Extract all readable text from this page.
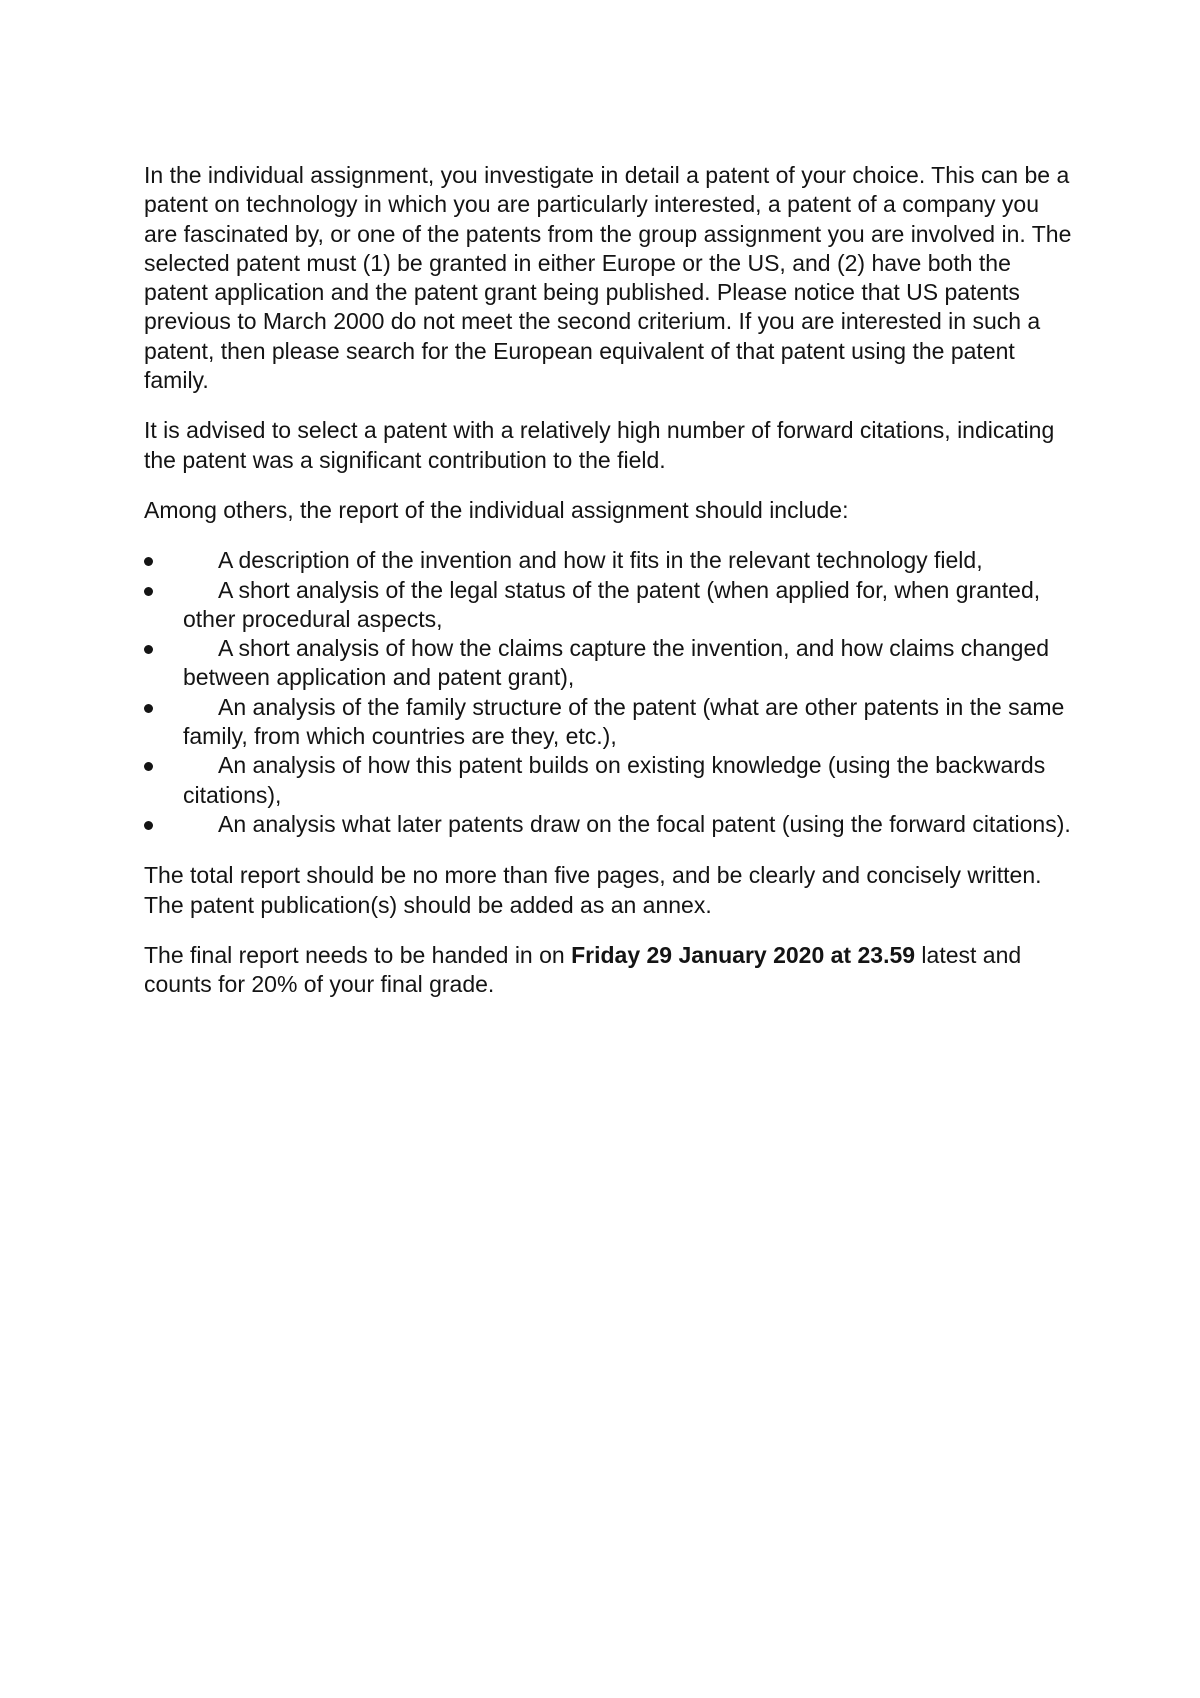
In the individual assignment, you investigate in detail a patent of your choice. This can be a patent on technology in which you are particularly interested, a patent of a company you are fascinated by, or one of the patents from the group assignment you are involved in. The selected patent must (1) be granted in either Europe or the US, and (2) have both the patent application and the patent grant being published. Please notice that US patents previous to March 2000 do not meet the second criterium. If you are interested in such a patent, then please search for the European equivalent of that patent using the patent family.

It is advised to select a patent with a relatively high number of forward citations, indicating the patent was a significant contribution to the field.

Among others, the report of the individual assignment should include:

A description of the invention and how it fits in the relevant technology field,
A short analysis of the legal status of the patent (when applied for, when granted, other procedural aspects,
A short analysis of how the claims capture the invention, and how claims changed between application and patent grant),
An analysis of the family structure of the patent (what are other patents in the same family, from which countries are they, etc.),
An analysis of how this patent builds on existing knowledge (using the backwards citations),
An analysis what later patents draw on the focal patent (using the forward citations).

The total report should be no more than five pages, and be clearly and concisely written. The patent publication(s) should be added as an annex.

The final report needs to be handed in on Friday 29 January 2020 at 23.59 latest and counts for 20% of your final grade.
